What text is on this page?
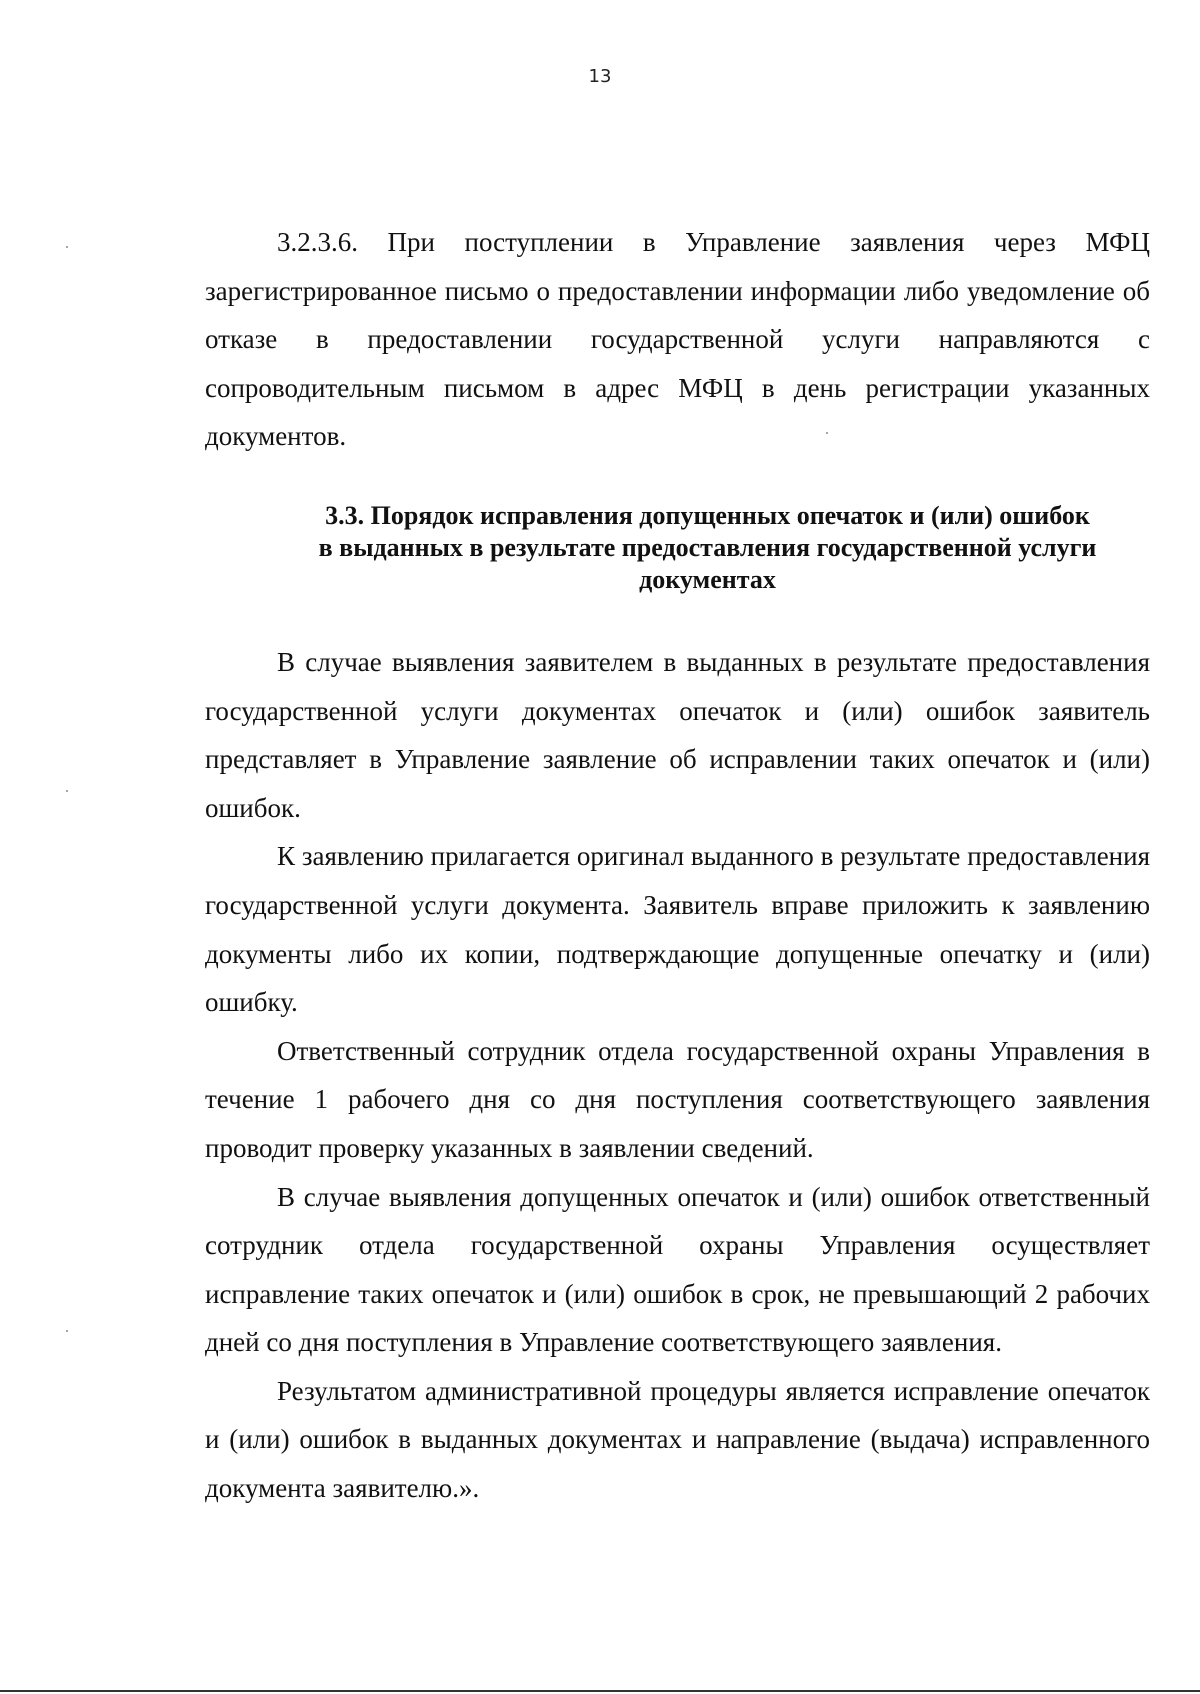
13

3.2.3.6. При поступлении в Управление заявления через МФЦ зарегистрированное письмо о предоставлении информации либо уведомление об отказе в предоставлении государственной услуги направляются с сопроводительным письмом в адрес МФЦ в день регистрации указанных документов.

3.3. Порядок исправления допущенных опечаток и (или) ошибок
в выданных в результате предоставления государственной услуги
документах

В случае выявления заявителем в выданных в результате предоставления государственной услуги документах опечаток и (или) ошибок заявитель представляет в Управление заявление об исправлении таких опечаток и (или) ошибок.

К заявлению прилагается оригинал выданного в результате предоставления государственной услуги документа. Заявитель вправе приложить к заявлению документы либо их копии, подтверждающие допущенные опечатку и (или) ошибку.

Ответственный сотрудник отдела государственной охраны Управления в течение 1 рабочего дня со дня поступления соответствующего заявления проводит проверку указанных в заявлении сведений.

В случае выявления допущенных опечаток и (или) ошибок ответственный сотрудник отдела государственной охраны Управления осуществляет исправление таких опечаток и (или) ошибок в срок, не превышающий 2 рабочих дней со дня поступления в Управление соответствующего заявления.

Результатом административной процедуры является исправление опечаток и (или) ошибок в выданных документах и направление (выдача) исправленного документа заявителю.».
